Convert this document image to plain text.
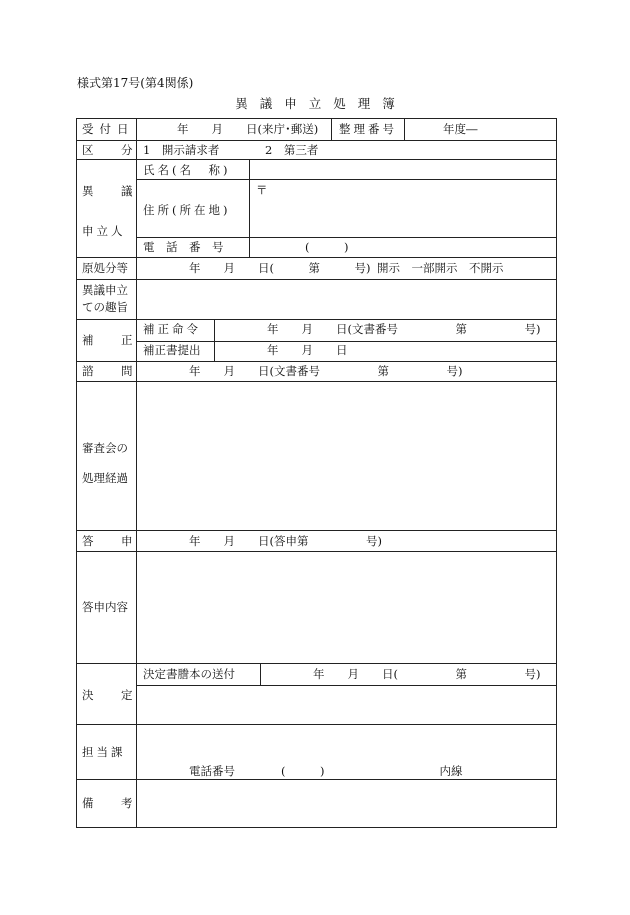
様式第17号(第4関係)
異議申立処理簿
受付日	年　　月　　日(来庁･郵送) 整理番号	年度―
区 分 1　開示請求者	2　第三者
異 議
申立人
氏名(名　称)
住所(所在地)
〒
電　話　番　号	(　　　)
原処分等	年　　月　　日(　　　第　　　号) 開示　一部開示　不開示
異議申立
ての趣旨
補 正
補正命令	年　　月　　日(文書番号　　　　　第　　　　　号)
補正書提出	年　　月　　日
諮 問	年　　月　　日(文書番号　　　　　第　　　　　号)
審査会の
処理経過
答 申	年　　月　　日(答申第　　　　　号)
答申内容
決 定
決定書謄本の送付	年　　月　　日(　　　　　第　　　　　号)
担当課
電話番号　　　　(　　　)　　　　　　　　　　内線
備 考
